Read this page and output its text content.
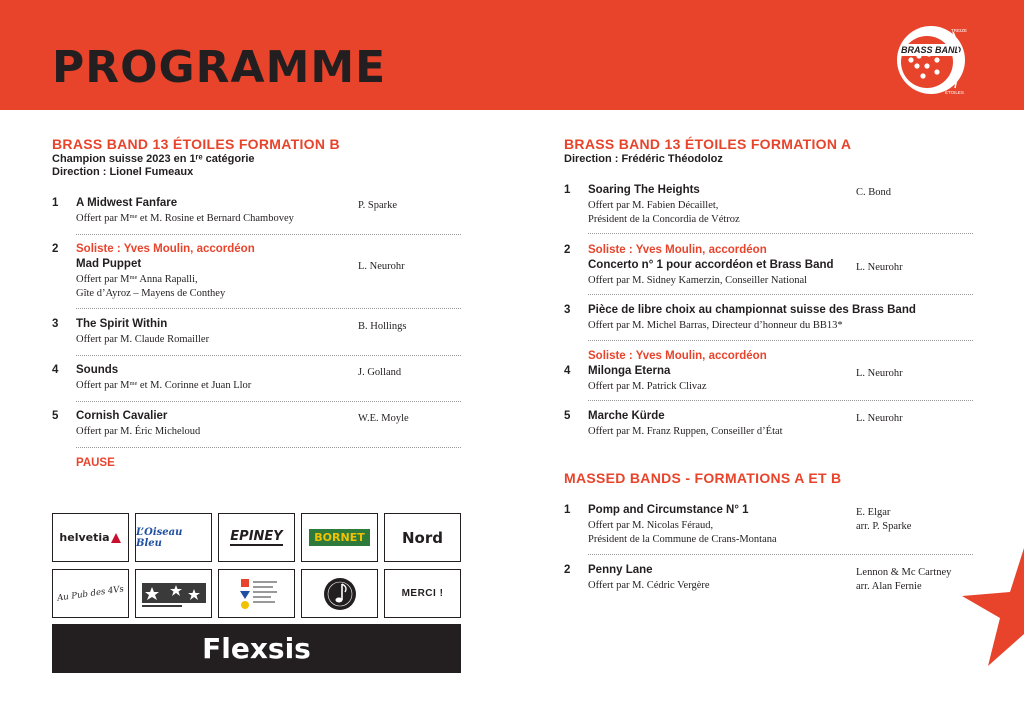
PROGRAMME	BRASS BAND
TREIZE
ÉTOILES
BRASS BAND 13 ÉTOILES FORMATION B
Champion suisse 2023 en 1ʳᵉ catégorie
Direction : Lionel Fumeaux
1 A Midwest Fanfare
Offert par Mᵐᵉ et M. Rosine et Bernard Chambovey
P. Sparke
2 Soliste : Yves Moulin, accordéon
Mad Puppet
Offert par Mᵐᵉ Anna Rapalli,
Gîte d’Ayroz – Mayens de Conthey
L. Neurohr
3 The Spirit Within
Offert par M. Claude Romailler
B. Hollings
4 Sounds
Offert par Mᵐᵉ et M. Corinne et Juan Llor
J. Golland
5 Cornish Cavalier
Offert par M. Éric Micheloud
W.E. Moyle
PAUSE
helvetia	L’Oiseau Bleu	EPINEY	BORNET	Nord
Au Pub des 4Vs	MERCI !
Flexsis
BRASS BAND 13 ÉTOILES FORMATION A
Direction : Frédéric Théodoloz
1 Soaring The Heights
Offert par M. Fabien Décaillet,
Président de la Concordia de Vétroz
C. Bond
2 Soliste : Yves Moulin, accordéon
Concerto n° 1 pour accordéon et Brass Band
Offert par M. Sidney Kamerzin, Conseiller National
L. Neurohr
3 Pièce de libre choix au championnat suisse des Brass Band
Offert par M. Michel Barras, Directeur d’honneur du BB13*
Soliste : Yves Moulin, accordéon
4 Milonga Eterna
Offert par M. Patrick Clivaz
L. Neurohr
5 Marche Kürde
Offert par M. Franz Ruppen, Conseiller d’État
L. Neurohr
MASSED BANDS - FORMATIONS A ET B
1 Pomp and Circumstance N° 1
Offert par M. Nicolas Féraud,
Président de la Commune de Crans-Montana
E. Elgar
arr. P. Sparke
2 Penny Lane
Offert par M. Cédric Vergère
Lennon & Mc Cartney
arr. Alan Fernie
